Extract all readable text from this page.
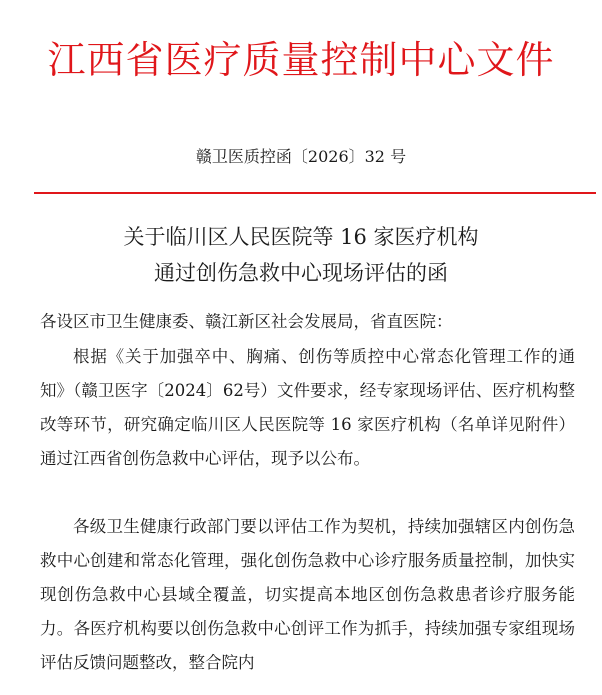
江西省医疗质量控制中心文件
赣卫医质控函〔2026〕32 号
关于临川区人民医院等 16 家医疗机构
通过创伤急救中心现场评估的函
各设区市卫生健康委、赣江新区社会发展局，省直医院：
根据《关于加强卒中、胸痛、创伤等质控中心常态化管理工作的通知》（赣卫医字〔2024〕62号）文件要求，经专家现场评估、医疗机构整改等环节，研究确定临川区人民医院等 16 家医疗机构（名单详见附件）通过江西省创伤急救中心评估，现予以公布。
各级卫生健康行政部门要以评估工作为契机，持续加强辖区内创伤急救中心创建和常态化管理，强化创伤急救中心诊疗服务质量控制，加快实现创伤急救中心县域全覆盖，切实提高本地区创伤急救患者诊疗服务能力。各医疗机构要以创伤急救中心创评工作为抓手，持续加强专家组现场评估反馈问题整改，整合院内
